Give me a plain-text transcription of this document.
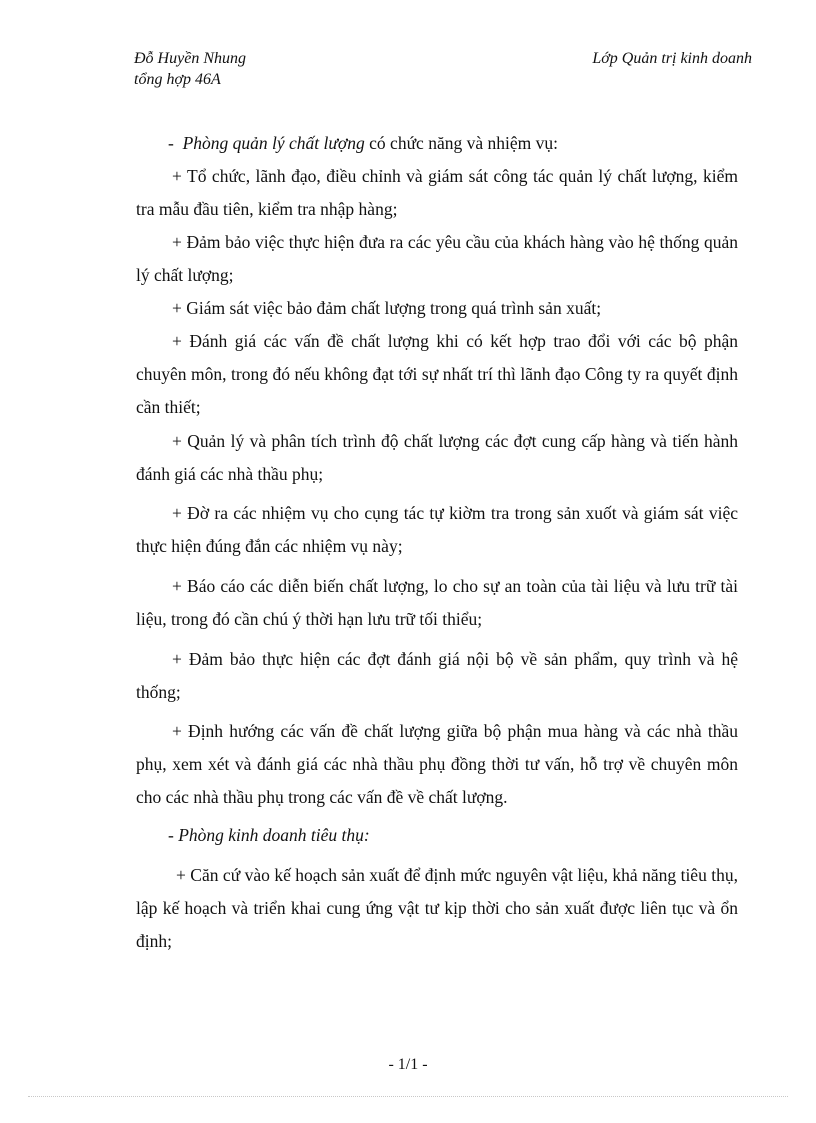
Đỗ Huyền Nhung
tổng hợp 46A
Lớp Quản trị kinh doanh

- Phòng quản lý chất lượng có chức năng và nhiệm vụ:

+ Tổ chức, lãnh đạo, điều chỉnh và giám sát công tác quản lý chất lượng, kiểm tra mẫu đầu tiên, kiểm tra nhập hàng;

+ Đảm bảo việc thực hiện đưa ra các yêu cầu của khách hàng vào hệ thống quản lý chất lượng;

+ Giám sát việc bảo đảm chất lượng trong quá trình sản xuất;

+ Đánh giá các vấn đề chất lượng khi có kết hợp trao đổi với các bộ phận chuyên môn, trong đó nếu không đạt tới sự nhất trí thì lãnh đạo Công ty ra quyết định cần thiết;

+ Quản lý và phân tích trình độ chất lượng các đợt cung cấp hàng và tiến hành đánh giá các nhà thầu phụ;

+ Đờ ra các nhiệm vụ cho cụng tác tự kiờm tra trong sản xuốt và giám sát việc thực hiện đúng đắn các nhiệm vụ này;

+ Báo cáo các diễn biến chất lượng, lo cho sự an toàn của tài liệu và lưu trữ tài liệu, trong đó cần chú ý thời hạn lưu trữ tối thiểu;

+ Đảm bảo thực hiện các đợt đánh giá nội bộ về sản phẩm, quy trình và hệ thống;

+ Định hướng các vấn đề chất lượng giữa bộ phận mua hàng và các nhà thầu phụ, xem xét và đánh giá các nhà thầu phụ đồng thời tư vấn, hỗ trợ về chuyên môn cho các nhà thầu phụ trong các vấn đề về chất lượng.

- Phòng kinh doanh tiêu thụ:

+ Căn cứ vào kế hoạch sản xuất để định mức nguyên vật liệu, khả năng tiêu thụ, lập kế hoạch và triển khai cung ứng vật tư kịp thời cho sản xuất được liên tục và ổn định;

- 1/1 -
